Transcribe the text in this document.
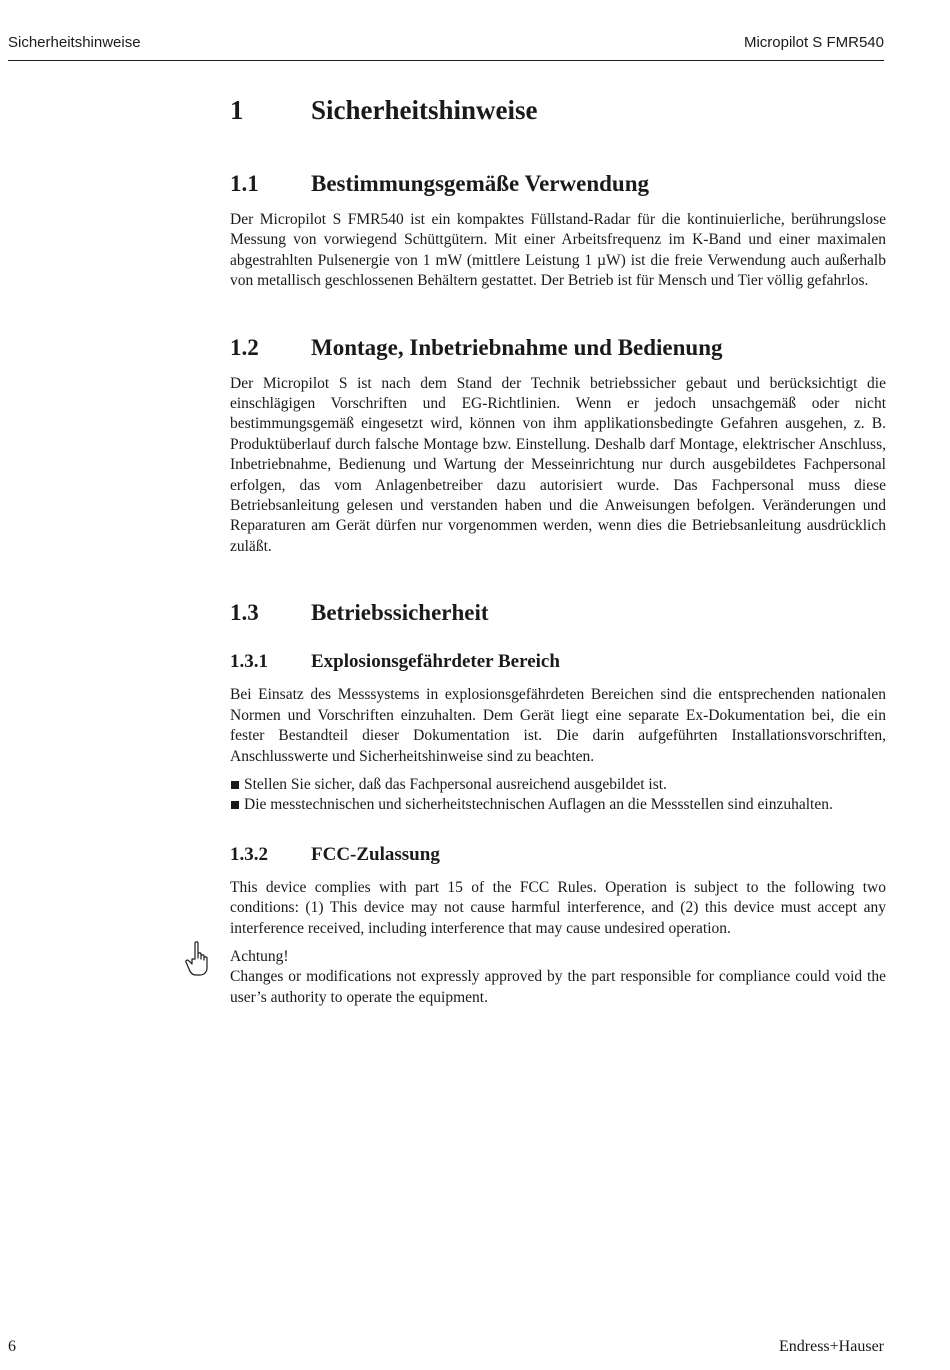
Sicherheitshinweise	Micropilot S FMR540
1	Sicherheitshinweise
1.1	Bestimmungsgemäße Verwendung

Der Micropilot S FMR540 ist ein kompaktes Füllstand-Radar für die kontinuierliche, berührungslose Messung von vorwiegend Schüttgütern. Mit einer Arbeitsfrequenz im K-Band und einer maximalen abgestrahlten Pulsenergie von 1 mW (mittlere Leistung 1 µW) ist die freie Verwendung auch außerhalb von metallisch geschlossenen Behältern gestattet. Der Betrieb ist für Mensch und Tier völlig gefahrlos.

1.2	Montage, Inbetriebnahme und Bedienung

Der Micropilot S ist nach dem Stand der Technik betriebssicher gebaut und berücksichtigt die einschlägigen Vorschriften und EG-Richtlinien. Wenn er jedoch unsachgemäß oder nicht bestimmungsgemäß eingesetzt wird, können von ihm applikationsbedingte Gefahren ausgehen, z. B. Produktüberlauf durch falsche Montage bzw. Einstellung. Deshalb darf Montage, elektrischer Anschluss, Inbetriebnahme, Bedienung und Wartung der Messeinrichtung nur durch ausgebildetes Fachpersonal erfolgen, das vom Anlagenbetreiber dazu autorisiert wurde. Das Fachpersonal muss diese Betriebsanleitung gelesen und verstanden haben und die Anweisungen befolgen. Veränderungen und Reparaturen am Gerät dürfen nur vorgenommen werden, wenn dies die Betriebsanleitung ausdrücklich zuläßt.

1.3	Betriebssicherheit
1.3.1	Explosionsgefährdeter Bereich

Bei Einsatz des Messsystems in explosionsgefährdeten Bereichen sind die entsprechenden nationalen Normen und Vorschriften einzuhalten. Dem Gerät liegt eine separate Ex-Dokumentation bei, die ein fester Bestandteil dieser Dokumentation ist. Die darin aufgeführten Installationsvorschriften, Anschlusswerte und Sicherheitshinweise sind zu beachten.

Stellen Sie sicher, daß das Fachpersonal ausreichend ausgebildet ist.
Die messtechnischen und sicherheitstechnischen Auflagen an die Messstellen sind einzuhalten.
1.3.2	FCC-Zulassung

This device complies with part 15 of the FCC Rules. Operation is subject to the following two conditions: (1) This device may not cause harmful interference, and (2) this device must accept any interference received, including interference that may cause undesired operation.

Achtung!

Changes or modifications not expressly approved by the part responsible for compliance could void the user’s authority to operate the equipment.

6	Endress+Hauser
